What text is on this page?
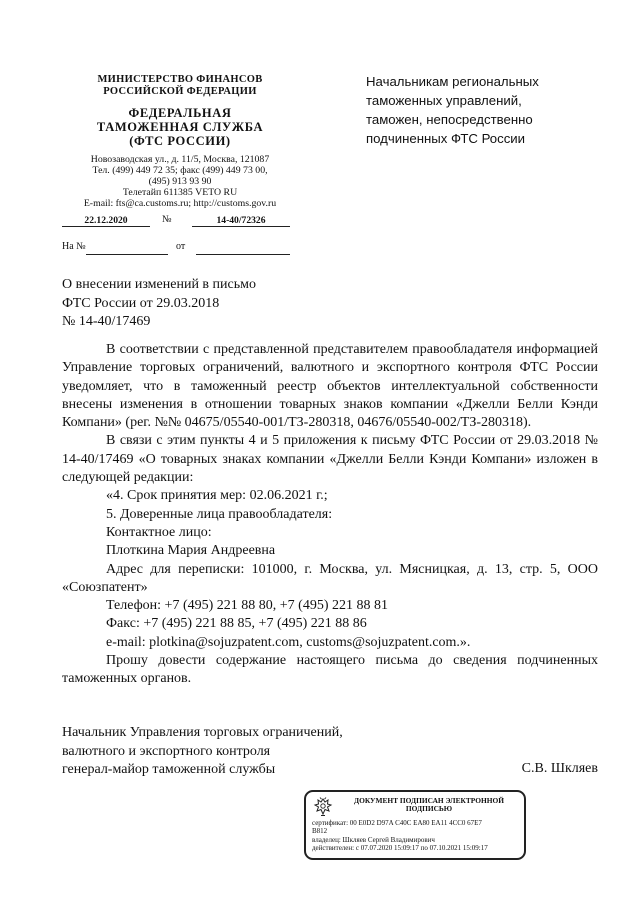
МИНИСТЕРСТВО ФИНАНСОВ
РОССИЙСКОЙ ФЕДЕРАЦИИ
ФЕДЕРАЛЬНАЯ
ТАМОЖЕННАЯ СЛУЖБА
(ФТС РОССИИ)
Новозаводская ул., д. 11/5, Москва, 121087
Тел. (499) 449 72 35; факс (499) 449 73 00,
(495) 913 93 90
Телетайп 611385 VETO RU
E-mail: fts@ca.customs.ru; http://customs.gov.ru
Начальникам региональных
таможенных управлений,
таможен, непосредственно
подчиненных ФТС России
22.12.2020	№	14-40/72326
На №	от
О внесении изменений в письмо
ФТС России от 29.03.2018
№ 14-40/17469

В соответствии с представленной представителем правообладателя информацией Управление торговых ограничений, валютного и экспортного контроля ФТС России уведомляет, что в таможенный реестр объектов интеллектуальной собственности внесены изменения в отношении товарных знаков компании «Джелли Белли Кэнди Компани» (рег. №№ 04675/05540-001/ТЗ-280318, 04676/05540-002/ТЗ-280318).

В связи с этим пункты 4 и 5 приложения к письму ФТС России от 29.03.2018 № 14-40/17469 «О товарных знаках компании «Джелли Белли Кэнди Компани» изложен в следующей редакции:

«4. Срок принятия мер: 02.06.2021 г.;

5. Доверенные лица правообладателя:

Контактное лицо:

Плоткина Мария Андреевна

Адрес для переписки: 101000, г. Москва, ул. Мясницкая, д. 13, стр. 5, ООО «Союзпатент»

Телефон: +7 (495) 221 88 80, +7 (495) 221 88 81

Факс: +7 (495) 221 88 85, +7 (495) 221 88 86

e-mail: plotkina@sojuzpatent.com, customs@sojuzpatent.com.».

Прошу довести содержание настоящего письма до сведения подчиненных таможенных органов.

Начальник Управления торговых ограничений,
валютного и экспортного контроля
генерал-майор таможенной службы	С.В. Шкляев
ДОКУМЕНТ ПОДПИСАН ЭЛЕКТРОННОЙ
ПОДПИСЬЮ
сертификат: 00 E0D2 D97A C40C EA80 EA11 4CC0 67E7
B812
владелец: Шкляев Сергей Владимирович
действителен: с 07.07.2020 15:09:17 по 07.10.2021 15:09:17
